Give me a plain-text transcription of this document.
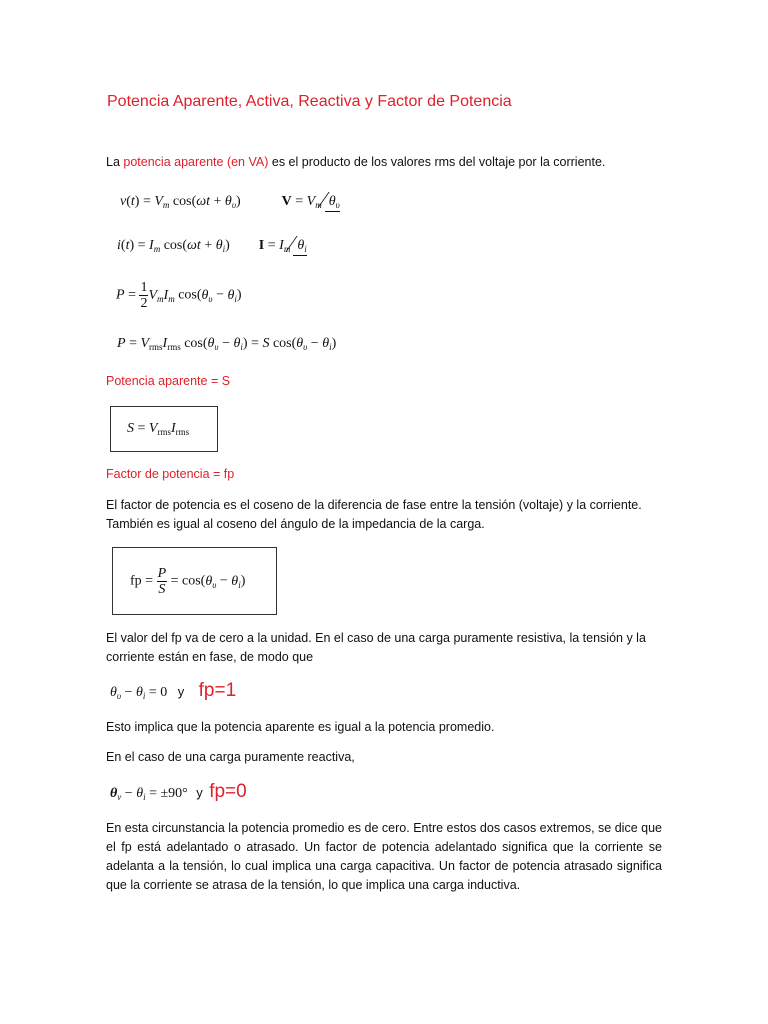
Potencia Aparente, Activa, Reactiva y Factor de Potencia
La potencia aparente (en VA) es el producto de los valores rms del voltaje por la corriente.
$v(t) = V_m$ $\cos(\omega t + \theta_\upsilon)$	$V = V_m$ $\theta_\upsilon$
$i(t) = I_m$ $\cos(\omega t + \theta_i)$  $I = I_m$ $\theta_i$
$P = \frac{1}{2} V_mI_m$ $\cos(\theta_\upsilon - \theta_i)$
$P = V_{rms}I_{rms}$ $\cos(\theta_\upsilon - \theta_i) = S$ $\cos(\theta_\upsilon - \theta_i)$
Potencia aparente = S
$S = V_{rms}I_{rms}$
Factor de potencia = fp
El factor de potencia es el coseno de la diferencia de fase entre la tensión (voltaje) y la corriente.
También es igual al coseno del ángulo de la impedancia de la carga.
fp = $\frac{P}{S} = \cos(\theta_\upsilon - \theta_i)$
El valor del fp va de cero a la unidad. En el caso de una carga puramente resistiva, la tensión y la
corriente están en fase, de modo que
$\theta_\upsilon - \theta_i = 0$ y fp=1
Esto implica que la potencia aparente es igual a la potencia promedio.
En el caso de una carga puramente reactiva,
$\theta_v - \theta_i = \pm 90^\circ$ y fp=0
En esta circunstancia la potencia promedio es de cero. Entre estos dos casos extremos, se dice que el fp está adelantado o atrasado. Un factor de potencia adelantado significa que la corriente se adelanta a la tensión, lo cual implica una carga capacitiva. Un factor de potencia atrasado significa que la corriente se atrasa de la tensión, lo que implica una carga inductiva.
